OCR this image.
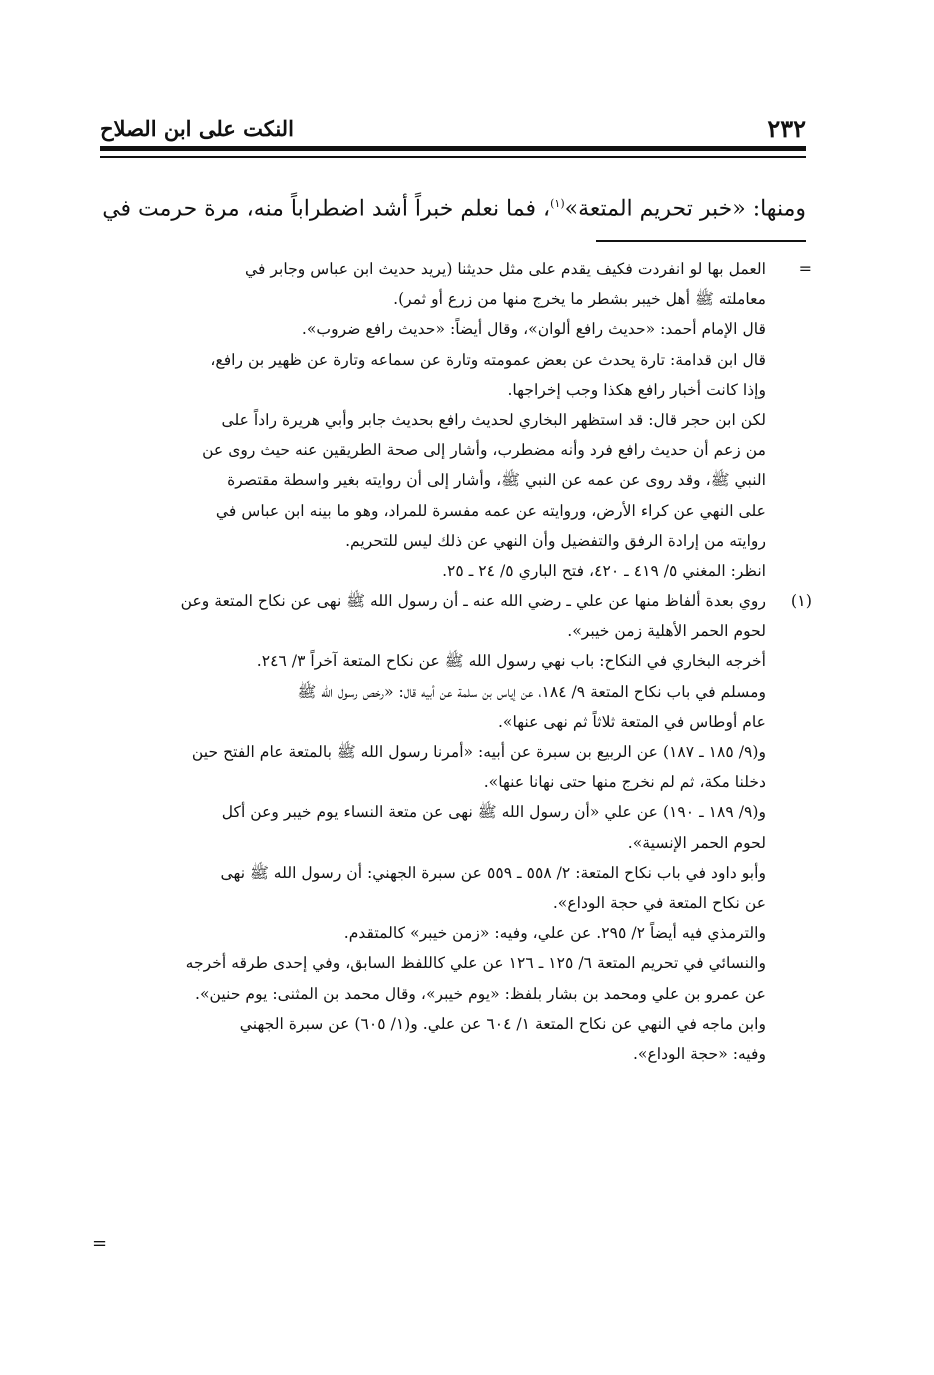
٢٣٢
النكت على ابن الصلاح
ومنها: «خبر تحريم المتعة»$^{(١)}$، فما نعلم خبراً أشد اضطراباً منه، مرة حرمت في
=
العمل بها لو انفردت فكيف يقدم على مثل حديثنا (يريد حديث ابن عباس وجابر في
معاملته ﷺ أهل خيبر بشطر ما يخرج منها من زرع أو ثمر).
قال الإمام أحمد: «حديث رافع ألوان»، وقال أيضاً: «حديث رافع ضروب».
قال ابن قدامة: تارة يحدث عن بعض عمومته وتارة عن سماعه وتارة عن ظهير بن رافع،
وإذا كانت أخبار رافع هكذا وجب إخراجها.
لكن ابن حجر قال: قد استظهر البخاري لحديث رافع بحديث جابر وأبي هريرة راداً على
من زعم أن حديث رافع فرد وأنه مضطرب، وأشار إلى صحة الطريقين عنه حيث روى عن
النبي ﷺ، وقد روى عن عمه عن النبي ﷺ، وأشار إلى أن روايته بغير واسطة مقتصرة
على النهي عن كراء الأرض، وروايته عن عمه مفسرة للمراد، وهو ما بينه ابن عباس في
روايته من إرادة الرفق والتفضيل وأن النهي عن ذلك ليس للتحريم.
انظر: المغني ٥/ ٤١٩ ـ ٤٢٠، فتح الباري ٥/ ٢٤ ـ ٢٥.
(١)
روي بعدة ألفاظ منها عن علي ـ رضي الله عنه ـ أن رسول الله ﷺ نهى عن نكاح المتعة وعن
لحوم الحمر الأهلية زمن خيبر».
أخرجه البخاري في النكاح: باب نهي رسول الله ﷺ عن نكاح المتعة آخراً ٣/ ٢٤٦.
ومسلم في باب نكاح المتعة ٩/ ١٨٤، عن إياس بن سلمة عن أبيه قال: «رخص رسول الله ﷺ
عام أوطاس في المتعة ثلاثاً ثم نهى عنها».
و(٩/ ١٨٥ ـ ١٨٧) عن الربيع بن سبرة عن أبيه: «أمرنا رسول الله ﷺ بالمتعة عام الفتح حين
دخلنا مكة، ثم لم نخرج منها حتى نهانا عنها».
و(٩/ ١٨٩ ـ ١٩٠) عن علي «أن رسول الله ﷺ نهى عن متعة النساء يوم خيبر وعن أكل
لحوم الحمر الإنسية».
وأبو داود في باب نكاح المتعة: ٢/ ٥٥٨ ـ ٥٥٩ عن سبرة الجهني: أن رسول الله ﷺ نهى
عن نكاح المتعة في حجة الوداع».
والترمذي فيه أيضاً ٢/ ٢٩٥. عن علي، وفيه: «زمن خيبر» كالمتقدم.
والنسائي في تحريم المتعة ٦/ ١٢٥ ـ ١٢٦ عن علي كاللفظ السابق، وفي إحدى طرقه أخرجه
عن عمرو بن علي ومحمد بن بشار بلفظ: «يوم خيبر»، وقال محمد بن المثنى: يوم حنين».
وابن ماجه في النهي عن نكاح المتعة ١/ ٦٠٤ عن علي. و(١/ ٦٠٥) عن سبرة الجهني
وفيه: «حجة الوداع».
=
